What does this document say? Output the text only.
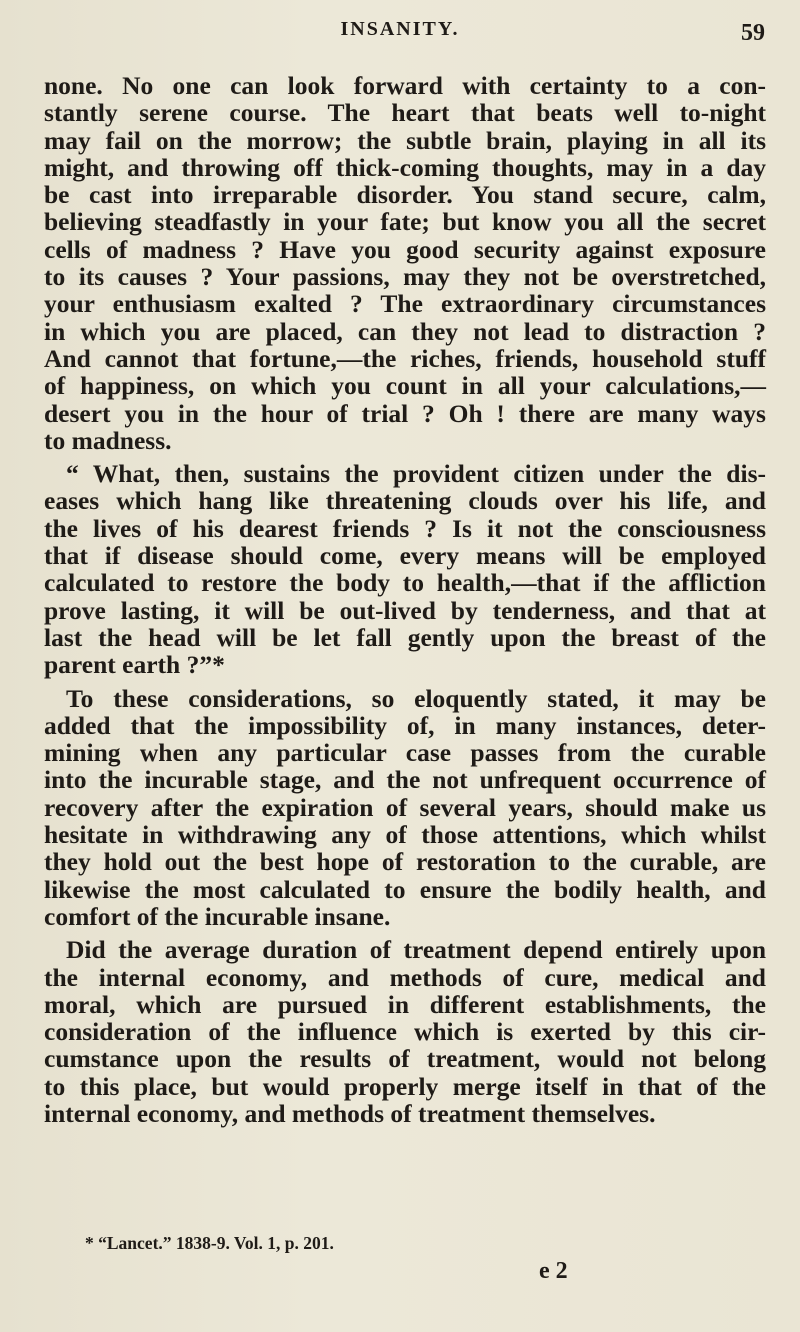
INSANITY.	59
none. No one can look forward with certainty to a con-
stantly serene course. The heart that beats well to-night
may fail on the morrow; the subtle brain, playing in all its
might, and throwing off thick-coming thoughts, may in a day
be cast into irreparable disorder. You stand secure, calm,
believing steadfastly in your fate; but know you all the secret
cells of madness ? Have you good security against exposure
to its causes ? Your passions, may they not be overstretched,
your enthusiasm exalted ? The extraordinary circumstances
in which you are placed, can they not lead to distraction ?
And cannot that fortune,—the riches, friends, household stuff
of happiness, on which you count in all your calculations,—
desert you in the hour of trial ? Oh ! there are many ways
to madness.
“ What, then, sustains the provident citizen under the dis-
eases which hang like threatening clouds over his life, and
the lives of his dearest friends ? Is it not the consciousness
that if disease should come, every means will be employed
calculated to restore the body to health,—that if the affliction
prove lasting, it will be out-lived by tenderness, and that at
last the head will be let fall gently upon the breast of the
parent earth ?”*
To these considerations, so eloquently stated, it may be
added that the impossibility of, in many instances, deter-
mining when any particular case passes from the curable
into the incurable stage, and the not unfrequent occurrence of
recovery after the expiration of several years, should make us
hesitate in withdrawing any of those attentions, which whilst
they hold out the best hope of restoration to the curable, are
likewise the most calculated to ensure the bodily health, and
comfort of the incurable insane.
Did the average duration of treatment depend entirely upon
the internal economy, and methods of cure, medical and
moral, which are pursued in different establishments, the
consideration of the influence which is exerted by this cir-
cumstance upon the results of treatment, would not belong
to this place, but would properly merge itself in that of the
internal economy, and methods of treatment themselves.
* “Lancet.” 1838-9. Vol. 1, p. 201.
e 2
